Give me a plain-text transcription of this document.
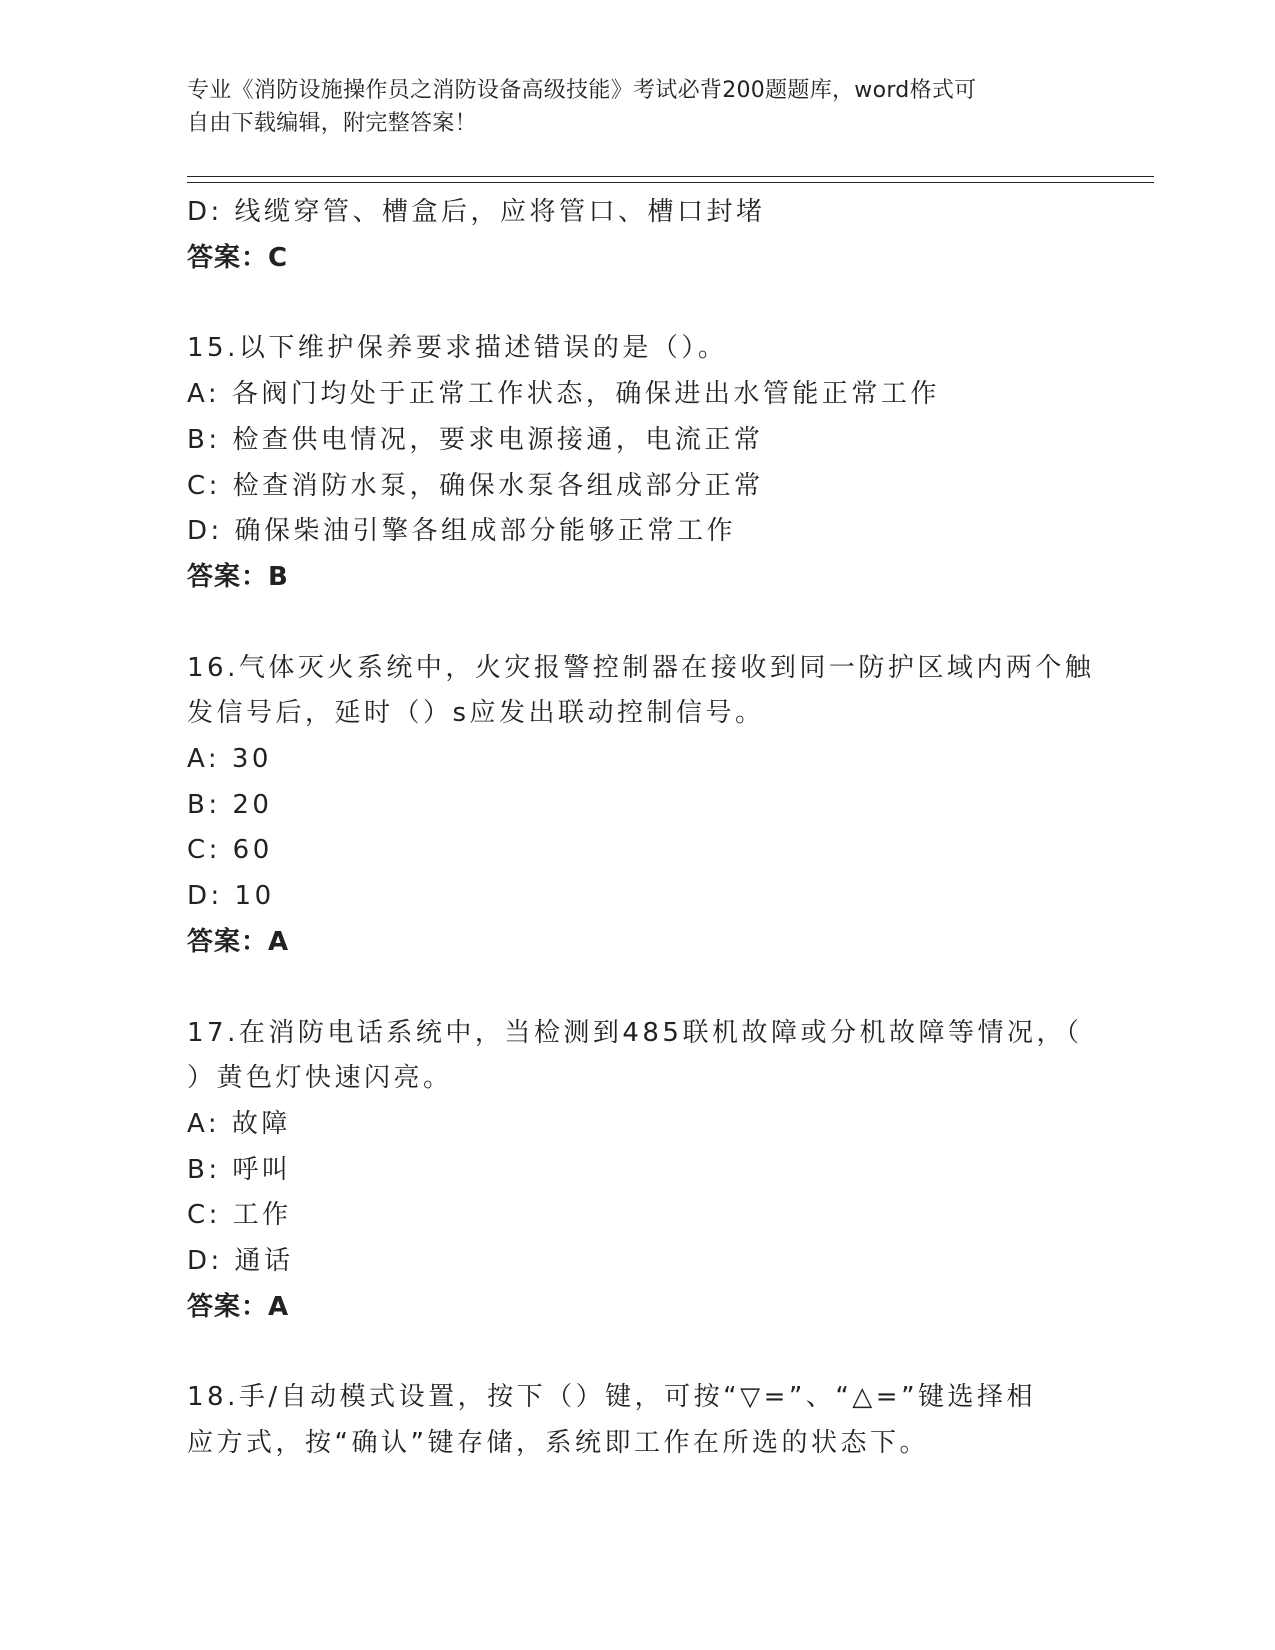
专业《消防设施操作员之消防设备高级技能》考试必背200题题库，word格式可
自由下载编辑，附完整答案！
D: 线缆穿管、槽盒后，应将管口、槽口封堵
答案：C
15.以下维护保养要求描述错误的是（）。
A: 各阀门均处于正常工作状态，确保进出水管能正常工作
B: 检查供电情况，要求电源接通，电流正常
C: 检查消防水泵，确保水泵各组成部分正常
D: 确保柴油引擎各组成部分能够正常工作
答案：B
16.气体灭火系统中，火灾报警控制器在接收到同一防护区域内两个触
发信号后，延时（）s应发出联动控制信号。
A: 30
B: 20
C: 60
D: 10
答案：A
17.在消防电话系统中，当检测到485联机故障或分机故障等情况，（
）黄色灯快速闪亮。
A: 故障
B: 呼叫
C: 工作
D: 通话
答案：A
18.手/自动模式设置，按下（）键，可按“▽=”、“△=”键选择相
应方式，按“确认”键存储，系统即工作在所选的状态下。
